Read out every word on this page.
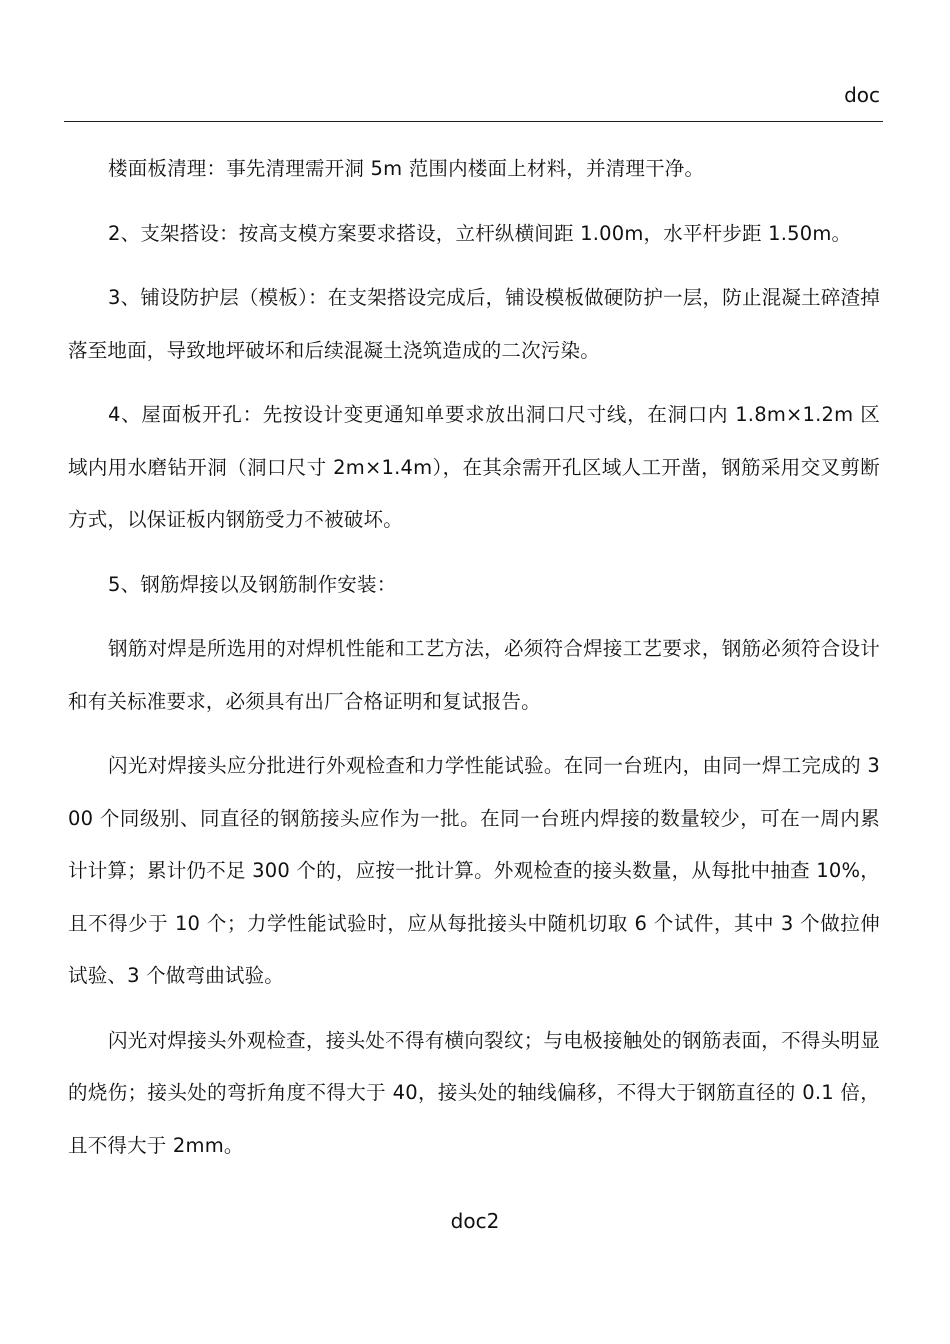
doc

楼面板清理：事先清理需开洞 5m 范围内楼面上材料，并清理干净。

2、支架搭设：按高支模方案要求搭设，立杆纵横间距 1.00m，水平杆步距 1.50m。

3、铺设防护层（模板）：在支架搭设完成后，铺设模板做硬防护一层，防止混凝土碎渣掉落至地面，导致地坪破坏和后续混凝土浇筑造成的二次污染。

4、屋面板开孔：先按设计变更通知单要求放出洞口尺寸线，在洞口内 1.8m×1.2m 区域内用水磨钻开洞（洞口尺寸 2m×1.4m），在其余需开孔区域人工开凿，钢筋采用交叉剪断方式，以保证板内钢筋受力不被破坏。

5、钢筋焊接以及钢筋制作安装：

钢筋对焊是所选用的对焊机性能和工艺方法，必须符合焊接工艺要求，钢筋必须符合设计和有关标准要求，必须具有出厂合格证明和复试报告。

闪光对焊接头应分批进行外观检查和力学性能试验。在同一台班内，由同一焊工完成的 300 个同级别、同直径的钢筋接头应作为一批。在同一台班内焊接的数量较少，可在一周内累计计算；累计仍不足 300 个的，应按一批计算。外观检查的接头数量，从每批中抽查 10%，且不得少于 10 个；力学性能试验时，应从每批接头中随机切取 6 个试件，其中 3 个做拉伸试验、3 个做弯曲试验。

闪光对焊接头外观检查，接头处不得有横向裂纹；与电极接触处的钢筋表面，不得头明显的烧伤；接头处的弯折角度不得大于 40，接头处的轴线偏移，不得大于钢筋直径的 0.1 倍，且不得大于 2mm。

doc2
